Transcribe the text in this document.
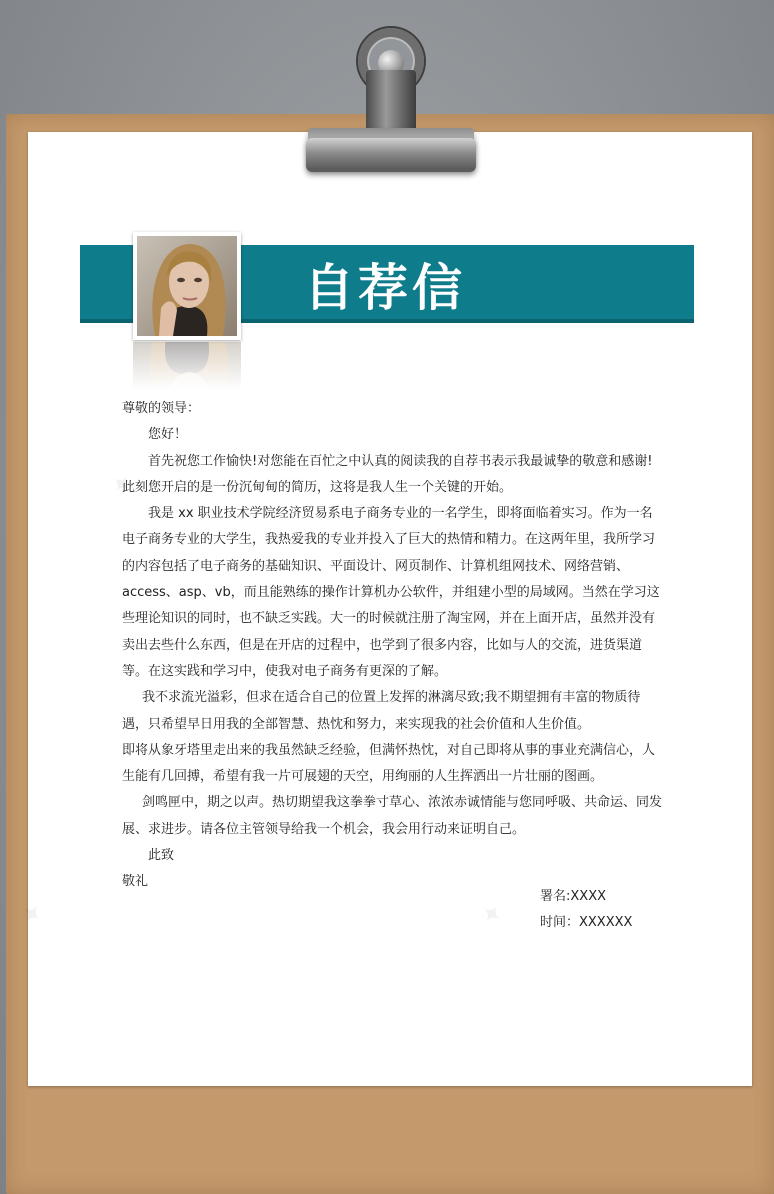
自荐信
✦
✦	✦

尊敬的领导：

您好！

首先祝您工作愉快!对您能在百忙之中认真的阅读我的自荐书表示我最诚挚的敬意和感谢!此刻您开启的是一份沉甸甸的简历，这将是我人生一个关键的开始。

我是 xx 职业技术学院经济贸易系电子商务专业的一名学生，即将面临着实习。作为一名电子商务专业的大学生，我热爱我的专业并投入了巨大的热情和精力。在这两年里，我所学习的内容包括了电子商务的基础知识、平面设计、网页制作、计算机组网技术、网络营销、access、asp、vb，而且能熟练的操作计算机办公软件，并组建小型的局域网。当然在学习这些理论知识的同时，也不缺乏实践。大一的时候就注册了淘宝网，并在上面开店，虽然并没有卖出去些什么东西，但是在开店的过程中，也学到了很多内容，比如与人的交流，进货渠道等。在这实践和学习中，使我对电子商务有更深的了解。

我不求流光溢彩，但求在适合自己的位置上发挥的淋漓尽致;我不期望拥有丰富的物质待遇，只希望早日用我的全部智慧、热忱和努力，来实现我的社会价值和人生价值。

即将从象牙塔里走出来的我虽然缺乏经验，但满怀热忱，对自己即将从事的事业充满信心，人生能有几回搏，希望有我一片可展翅的天空，用绚丽的人生挥洒出一片壮丽的图画。

剑鸣匣中，期之以声。热切期望我这拳拳寸草心、浓浓赤诚情能与您同呼吸、共命运、同发展、求进步。请各位主管领导给我一个机会，我会用行动来证明自己。

此致

敬礼

署名:XXXX
时间：XXXXXX
